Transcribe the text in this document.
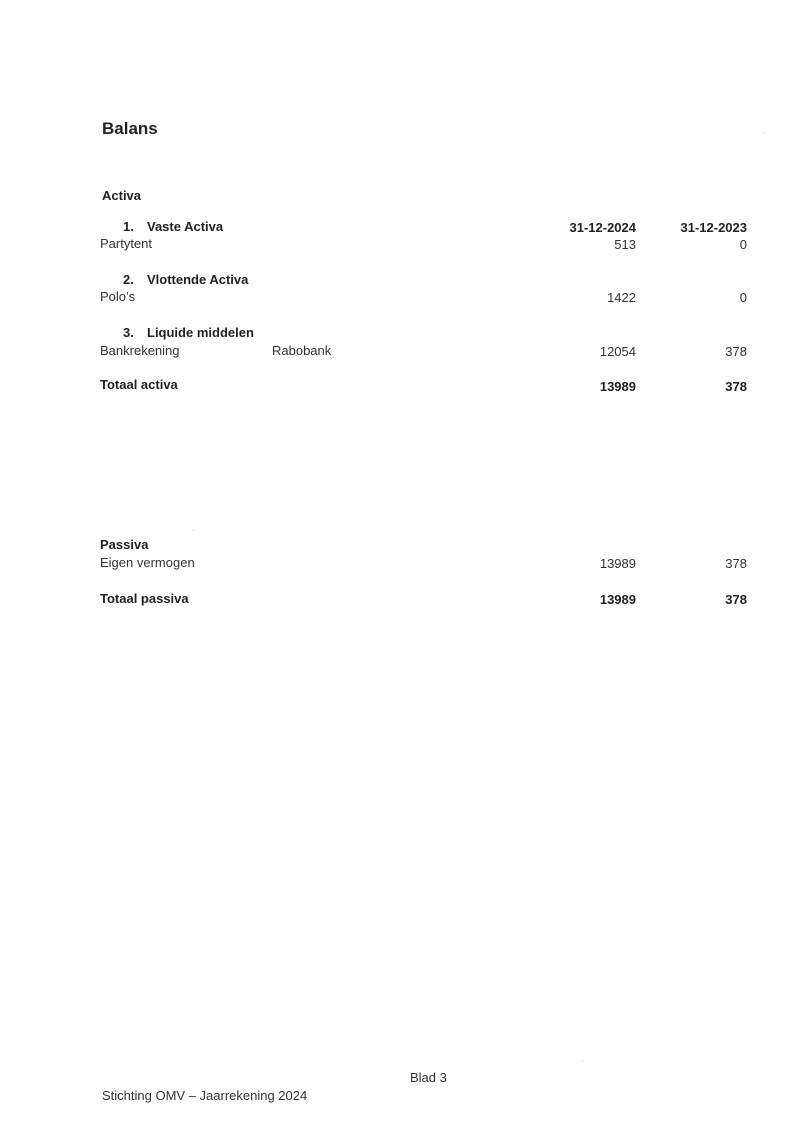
Balans
Activa
31-12-2024	31-12-2023
1. Vaste Activa
Partytent	513	0
2. Vlottende Activa
Polo’s	1422	0
3. Liquide middelen
Bankrekening	Rabobank	12054	378
Totaal activa	13989	378
Passiva
Eigen vermogen	13989	378
Totaal passiva	13989	378
Blad 3
Stichting OMV – Jaarrekening 2024
